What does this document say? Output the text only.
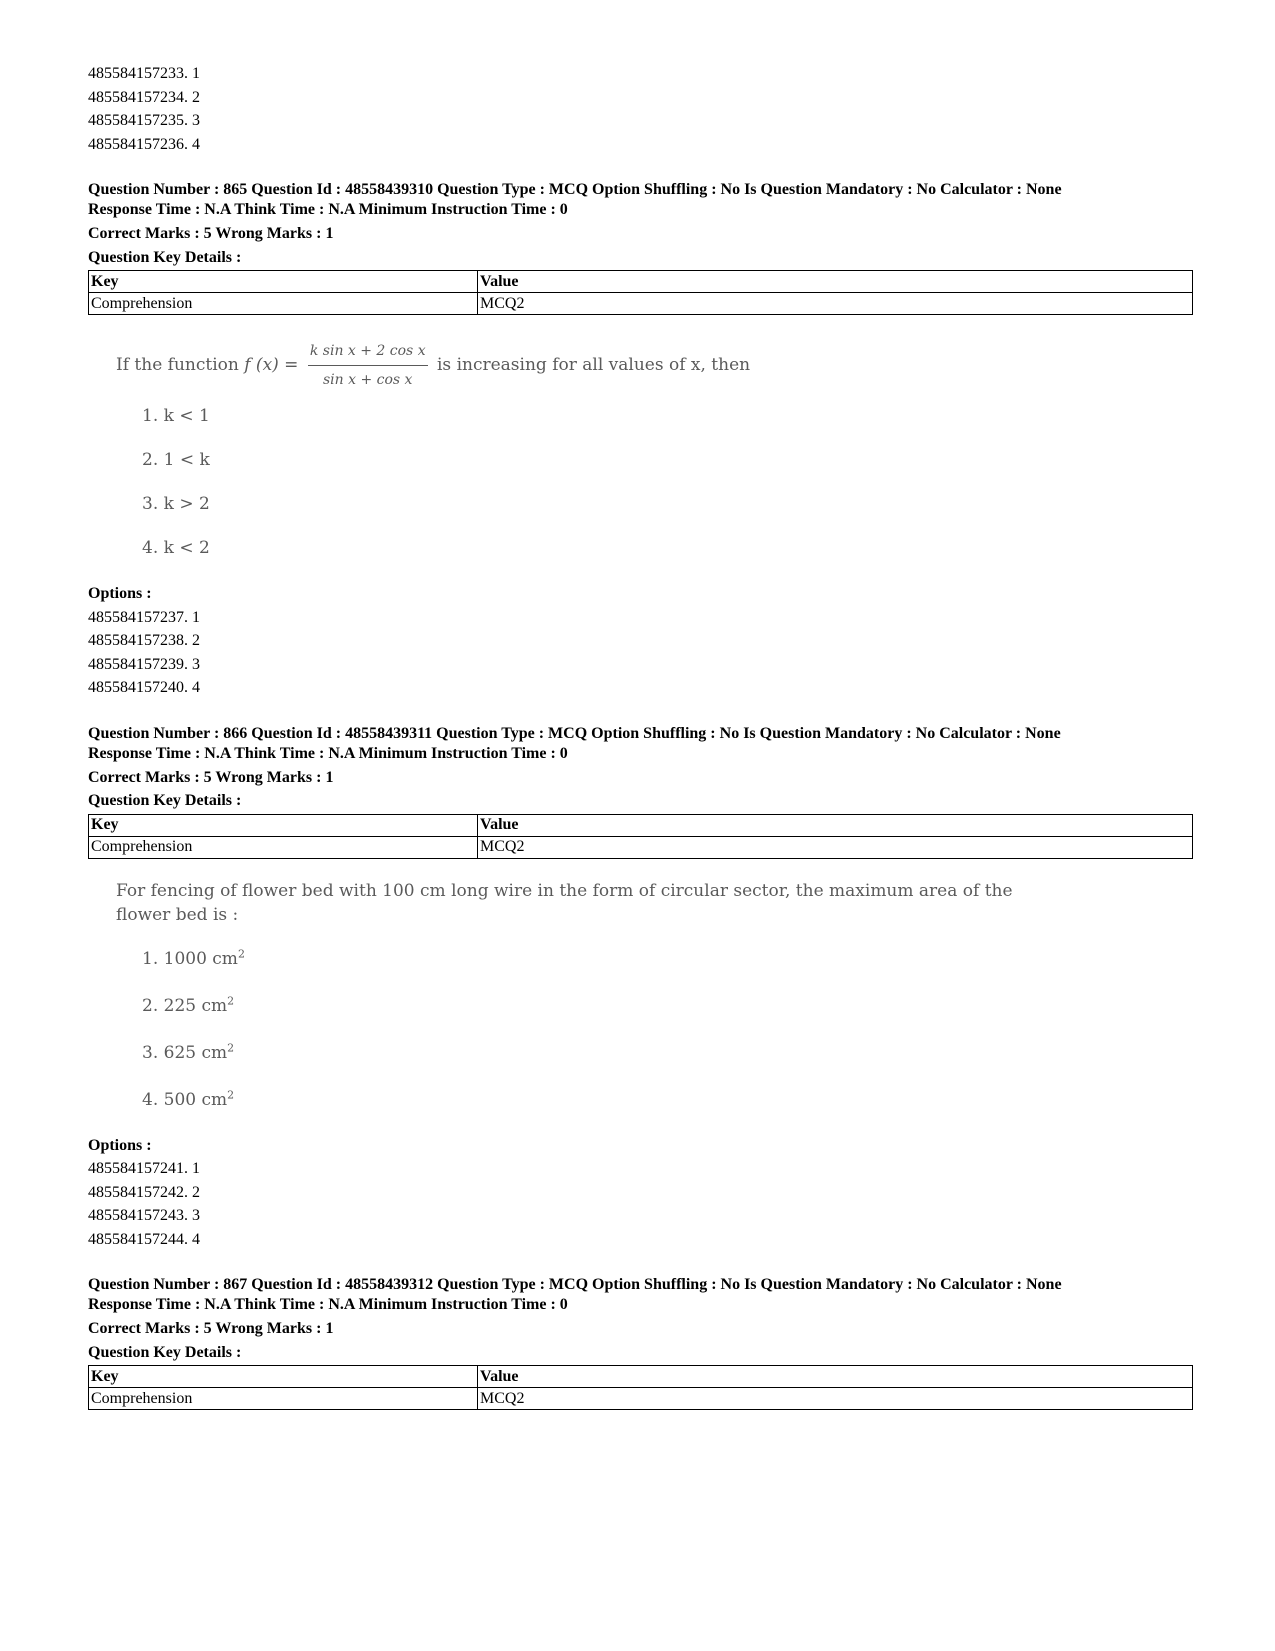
485584157233. 1
485584157234. 2
485584157235. 3
485584157236. 4
Question Number : 865 Question Id : 48558439310 Question Type : MCQ Option Shuffling : No Is Question Mandatory : No Calculator : None
Response Time : N.A Think Time : N.A Minimum Instruction Time : 0
Correct Marks : 5 Wrong Marks : 1
Question Key Details :
Key	Value
Comprehension	MCQ2
If the function f $(x) = \frac{\text{k sin x + 2 cos x}}{\text{sin x + cos x}}$ is increasing for all values of x, then
1. k < 1
2. 1 < k
3. k > 2
4. k < 2
Options :
485584157237. 1
485584157238. 2
485584157239. 3
485584157240. 4
Question Number : 866 Question Id : 48558439311 Question Type : MCQ Option Shuffling : No Is Question Mandatory : No Calculator : None
Response Time : N.A Think Time : N.A Minimum Instruction Time : 0
Correct Marks : 5 Wrong Marks : 1
Question Key Details :
Key	Value
Comprehension	MCQ2
For fencing of flower bed with 100 cm long wire in the form of circular sector, the maximum area of the
flower bed is :
1. 1000 $cm^2$
2. 225 $cm^2$
3. 625 $cm^2$
4. 500 $cm^2$
Options :
485584157241. 1
485584157242. 2
485584157243. 3
485584157244. 4
Question Number : 867 Question Id : 48558439312 Question Type : MCQ Option Shuffling : No Is Question Mandatory : No Calculator : None
Response Time : N.A Think Time : N.A Minimum Instruction Time : 0
Correct Marks : 5 Wrong Marks : 1
Question Key Details :
Key	Value
Comprehension	MCQ2
